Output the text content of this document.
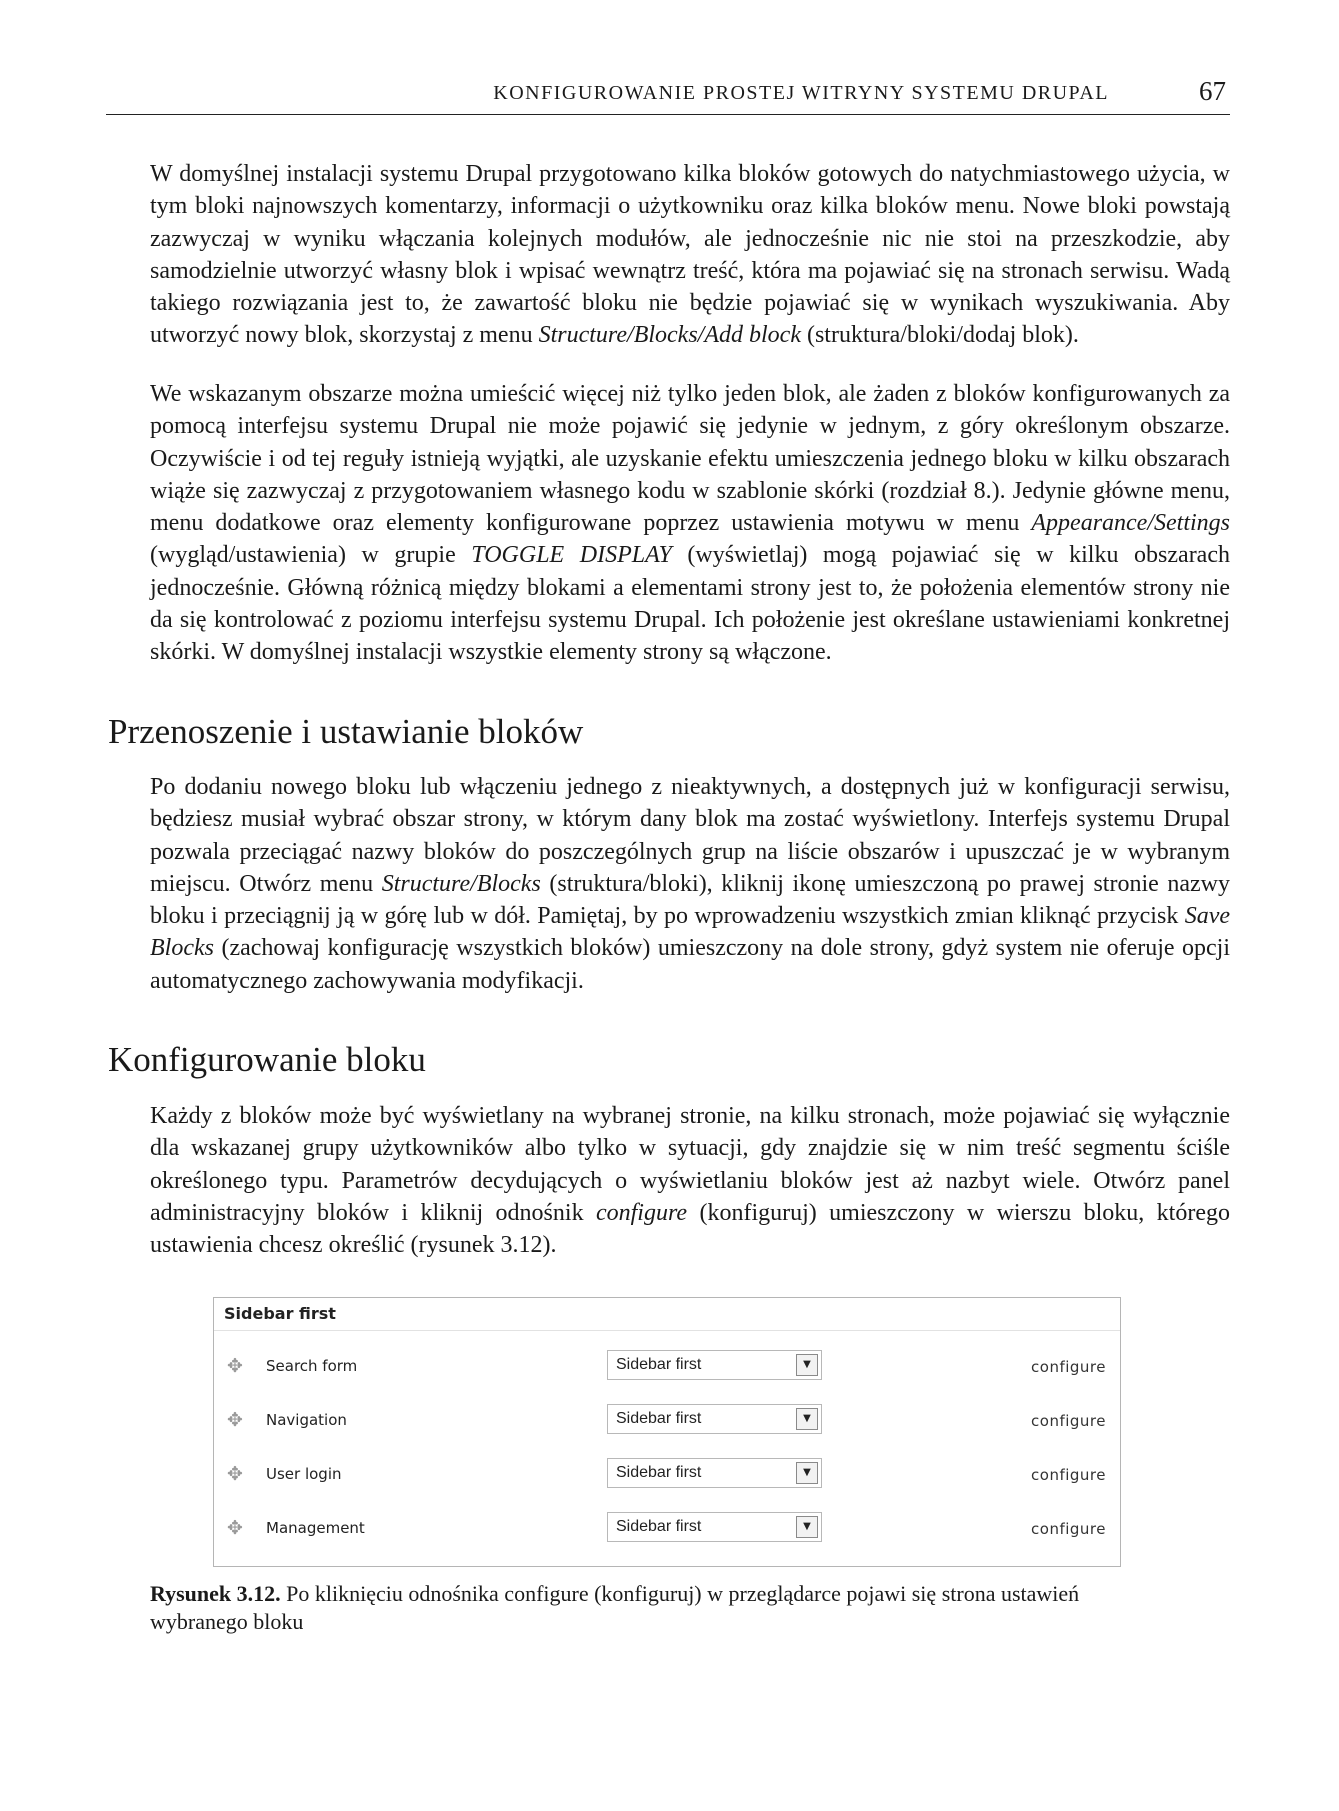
KONFIGUROWANIE PROSTEJ WITRYNY SYSTEMU DRUPAL	67

W domyślnej instalacji systemu Drupal przygotowano kilka bloków gotowych do natychmiastowego użycia, w tym bloki najnowszych komentarzy, informacji o użytkowniku oraz kilka bloków menu. Nowe bloki powstają zazwyczaj w wyniku włączania kolejnych modułów, ale jednocześnie nic nie stoi na przeszkodzie, aby samodzielnie utworzyć własny blok i wpisać wewnątrz treść, która ma pojawiać się na stronach serwisu. Wadą takiego rozwiązania jest to, że zawartość bloku nie będzie pojawiać się w wynikach wyszukiwania. Aby utworzyć nowy blok, skorzystaj z menu Structure/Blocks/Add block (struktura/bloki/dodaj blok).

We wskazanym obszarze można umieścić więcej niż tylko jeden blok, ale żaden z bloków konfigurowanych za pomocą interfejsu systemu Drupal nie może pojawić się jedynie w jednym, z góry określonym obszarze. Oczywiście i od tej reguły istnieją wyjątki, ale uzyskanie efektu umieszczenia jednego bloku w kilku obszarach wiąże się zazwyczaj z przygotowaniem własnego kodu w szablonie skórki (rozdział 8.). Jedynie główne menu, menu dodatkowe oraz elementy konfigurowane poprzez ustawienia motywu w menu Appearance/Settings (wygląd/ustawienia) w grupie TOGGLE DISPLAY (wyświetlaj) mogą pojawiać się w kilku obszarach jednocześnie. Główną różnicą między blokami a elementami strony jest to, że położenia elementów strony nie da się kontrolować z poziomu interfejsu systemu Drupal. Ich położenie jest określane ustawieniami konkretnej skórki. W domyślnej instalacji wszystkie elementy strony są włączone.

Przenoszenie i ustawianie bloków

Po dodaniu nowego bloku lub włączeniu jednego z nieaktywnych, a dostępnych już w konfiguracji serwisu, będziesz musiał wybrać obszar strony, w którym dany blok ma zostać wyświetlony. Interfejs systemu Drupal pozwala przeciągać nazwy bloków do poszczególnych grup na liście obszarów i upuszczać je w wybranym miejscu. Otwórz menu Structure/Blocks (struktura/bloki), kliknij ikonę umieszczoną po prawej stronie nazwy bloku i przeciągnij ją w górę lub w dół. Pamiętaj, by po wprowadzeniu wszystkich zmian kliknąć przycisk Save Blocks (zachowaj konfigurację wszystkich bloków) umieszczony na dole strony, gdyż system nie oferuje opcji automatycznego zachowywania modyfikacji.

Konfigurowanie bloku

Każdy z bloków może być wyświetlany na wybranej stronie, na kilku stronach, może pojawiać się wyłącznie dla wskazanej grupy użytkowników albo tylko w sytuacji, gdy znajdzie się w nim treść segmentu ściśle określonego typu. Parametrów decydujących o wyświetlaniu bloków jest aż nazbyt wiele. Otwórz panel administracyjny bloków i kliknij odnośnik configure (konfiguruj) umieszczony w wierszu bloku, którego ustawienia chcesz określić (rysunek 3.12).

Sidebar first
✥ Search form	Sidebar first	▼	configure
✥ Navigation	Sidebar first	▼	configure
✥ User login	Sidebar first	▼	configure
✥ Management	Sidebar first	▼	configure

Rysunek 3.12. Po kliknięciu odnośnika configure (konfiguruj) w przeglądarce pojawi się strona ustawień wybranego bloku
